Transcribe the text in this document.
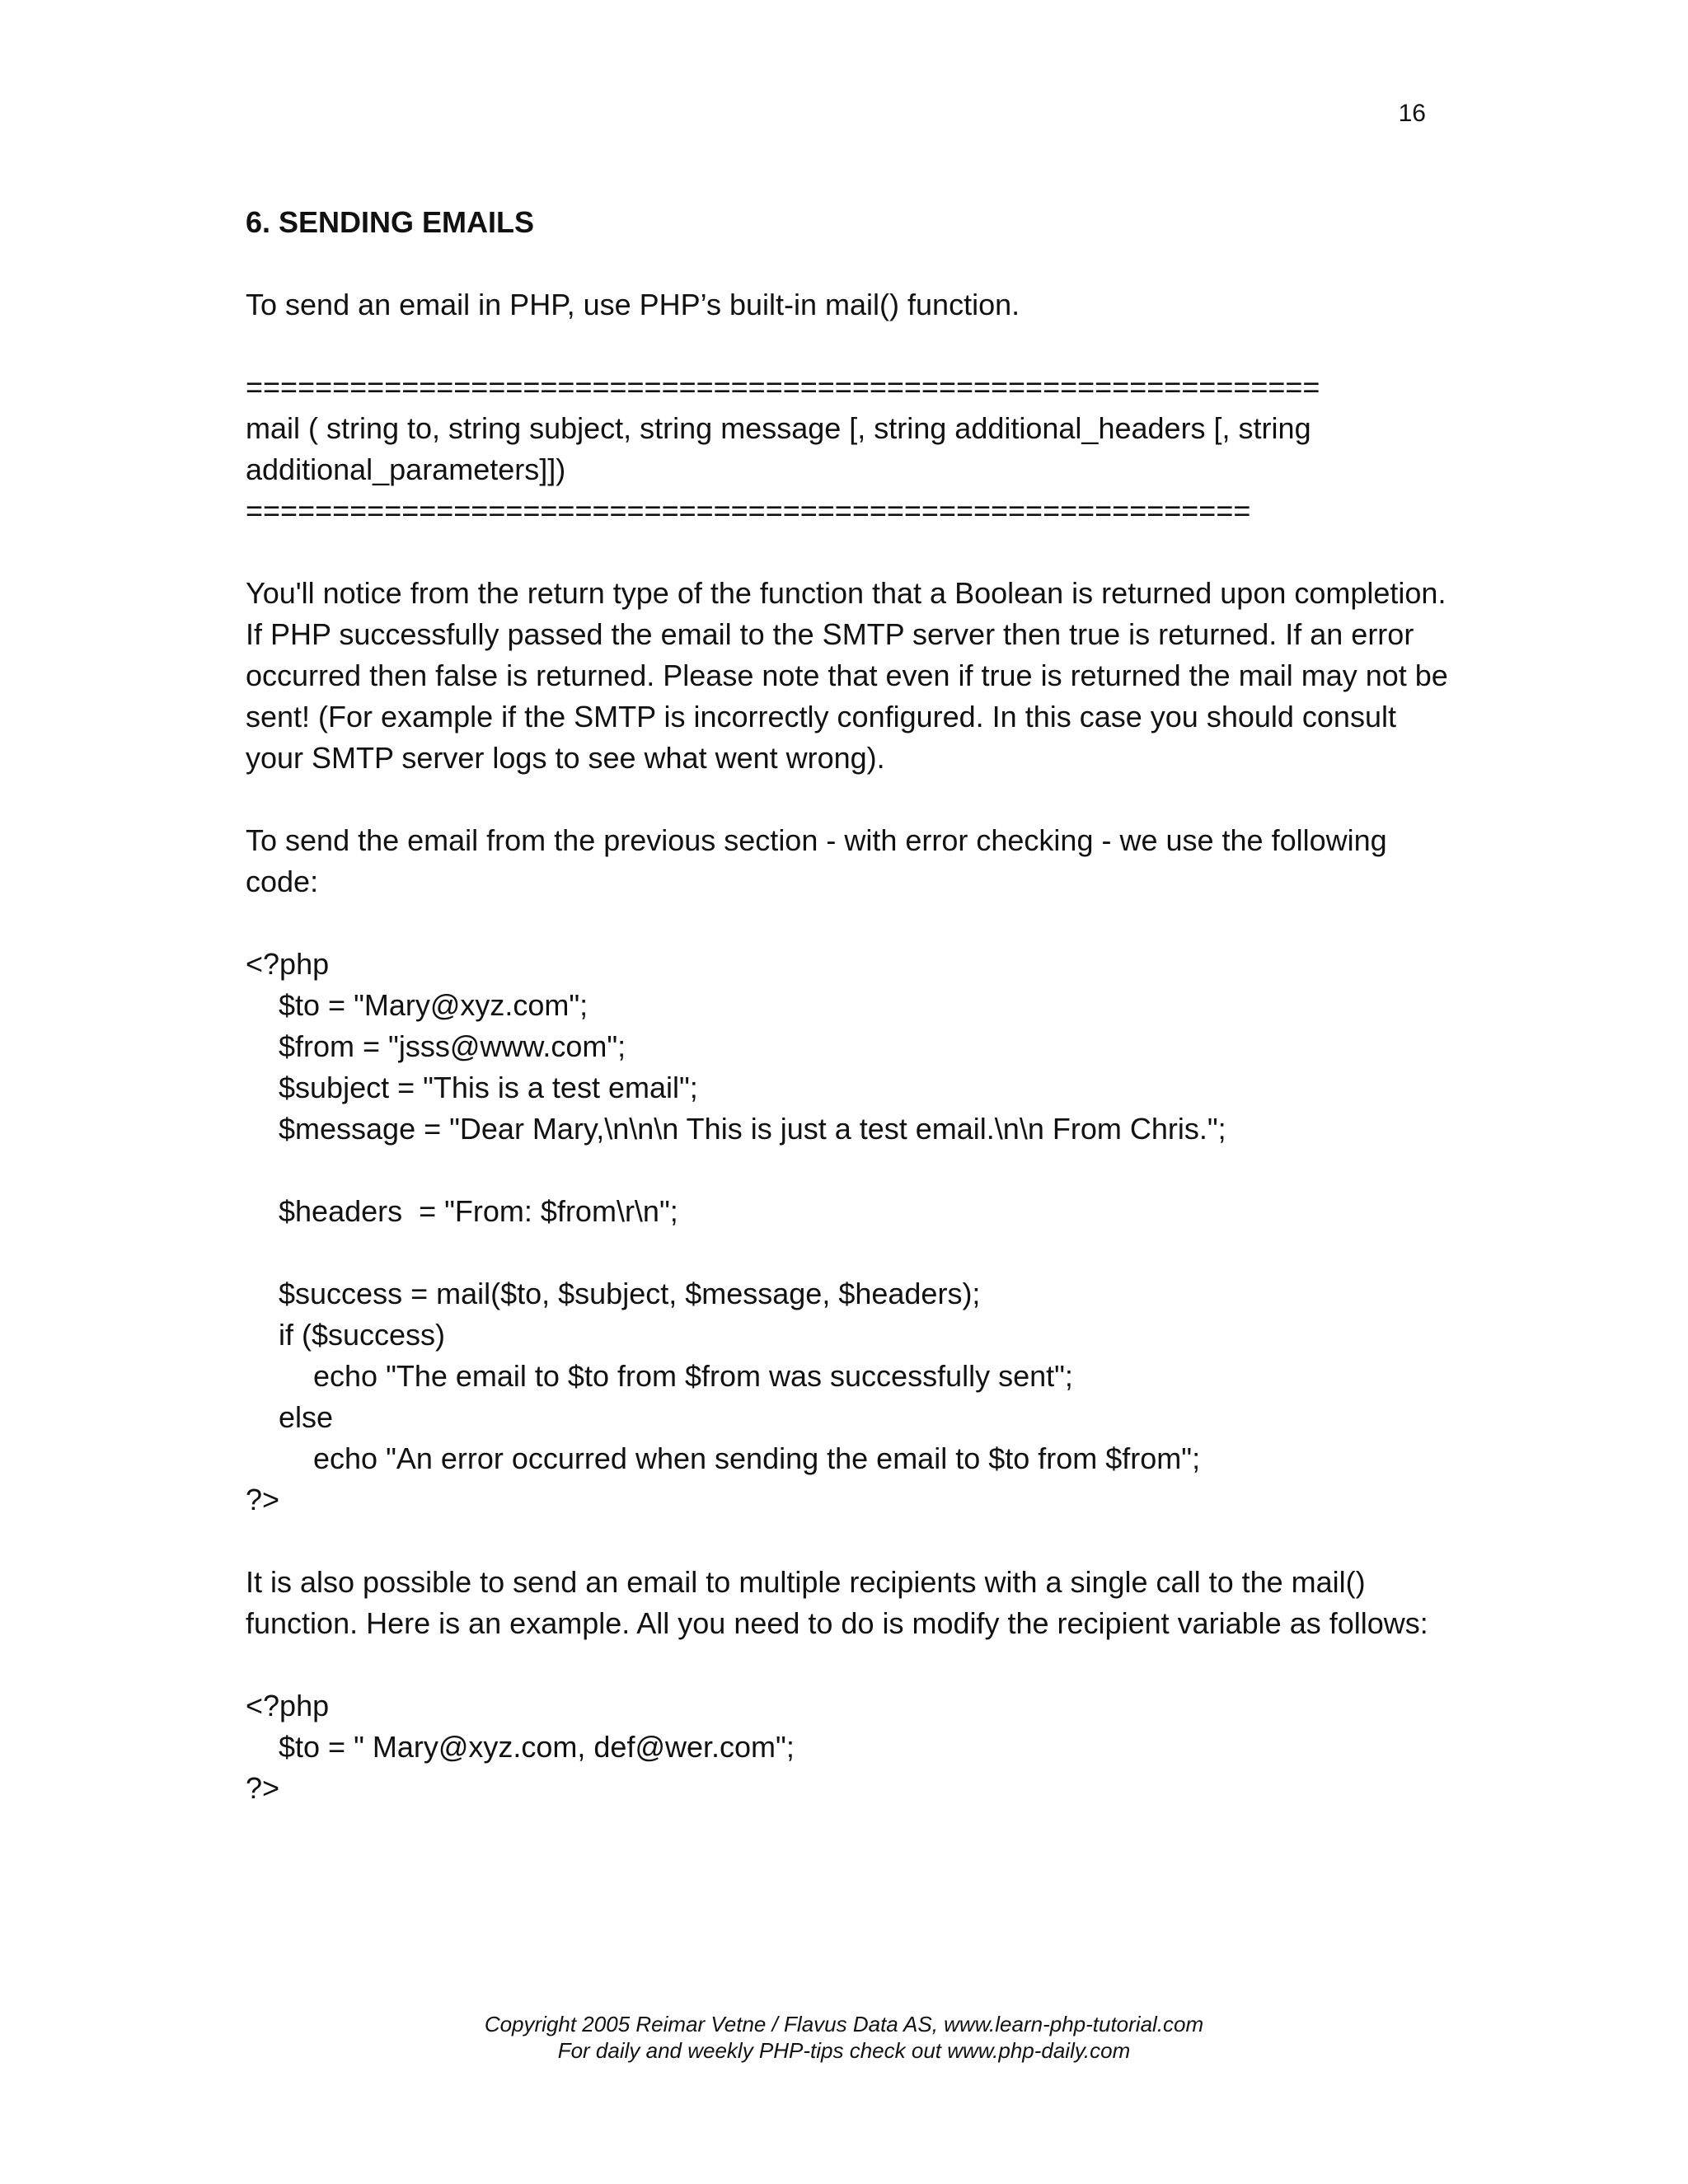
16
6. SENDING EMAILS
To send an email in PHP, use PHP’s built-in mail() function.
==============================================================
mail ( string to, string subject, string message [, string additional_headers [, string
additional_parameters]])
==========================================================
You'll notice from the return type of the function that a Boolean is returned upon completion. If PHP successfully passed the email to the SMTP server then true is returned. If an error occurred then false is returned. Please note that even if true is returned the mail may not be sent! (For example if the SMTP is incorrectly configured. In this case you should consult your SMTP server logs to see what went wrong).
To send the email from the previous section - with error checking - we use the following code:
<?php
$to = "Mary@xyz.com";
$from = "jsss@www.com";
$subject = "This is a test email";
$message = "Dear Mary,\n\n\n This is just a test email.\n\n From Chris.";
$headers  = "From: $from\r\n";
$success = mail($to, $subject, $message, $headers);
if ($success)
echo "The email to $to from $from was successfully sent";
else
echo "An error occurred when sending the email to $to from $from";
?>
It is also possible to send an email to multiple recipients with a single call to the mail() function. Here is an example. All you need to do is modify the recipient variable as follows:
<?php
$to = " Mary@xyz.com, def@wer.com";
?>
Copyright 2005 Reimar Vetne / Flavus Data AS, www.learn-php-tutorial.com
For daily and weekly PHP-tips check out www.php-daily.com
